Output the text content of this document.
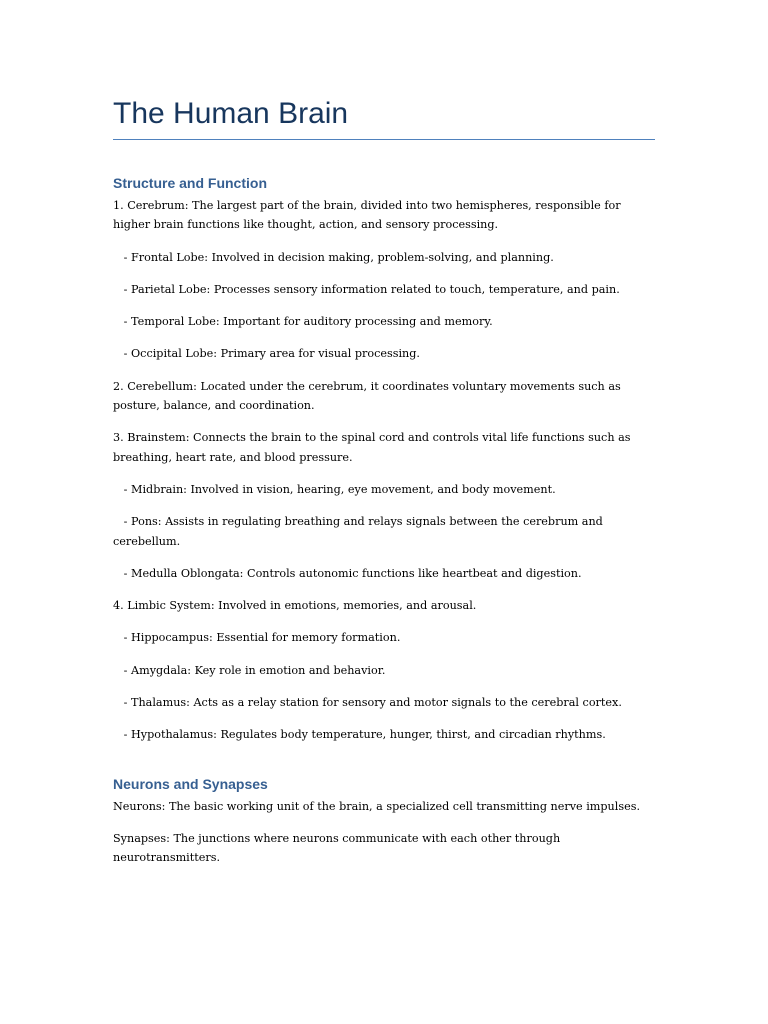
The Human Brain
Structure and Function

1. Cerebrum: The largest part of the brain, divided into two hemispheres, responsible for higher brain functions like thought, action, and sensory processing.

- Frontal Lobe: Involved in decision making, problem-solving, and planning.

- Parietal Lobe: Processes sensory information related to touch, temperature, and pain.

- Temporal Lobe: Important for auditory processing and memory.

- Occipital Lobe: Primary area for visual processing.

2. Cerebellum: Located under the cerebrum, it coordinates voluntary movements such as posture, balance, and coordination.

3. Brainstem: Connects the brain to the spinal cord and controls vital life functions such as breathing, heart rate, and blood pressure.

- Midbrain: Involved in vision, hearing, eye movement, and body movement.

- Pons: Assists in regulating breathing and relays signals between the cerebrum and cerebellum.

- Medulla Oblongata: Controls autonomic functions like heartbeat and digestion.

4. Limbic System: Involved in emotions, memories, and arousal.

- Hippocampus: Essential for memory formation.

- Amygdala: Key role in emotion and behavior.

- Thalamus: Acts as a relay station for sensory and motor signals to the cerebral cortex.

- Hypothalamus: Regulates body temperature, hunger, thirst, and circadian rhythms.

Neurons and Synapses

Neurons: The basic working unit of the brain, a specialized cell transmitting nerve impulses.

Synapses: The junctions where neurons communicate with each other through neurotransmitters.
